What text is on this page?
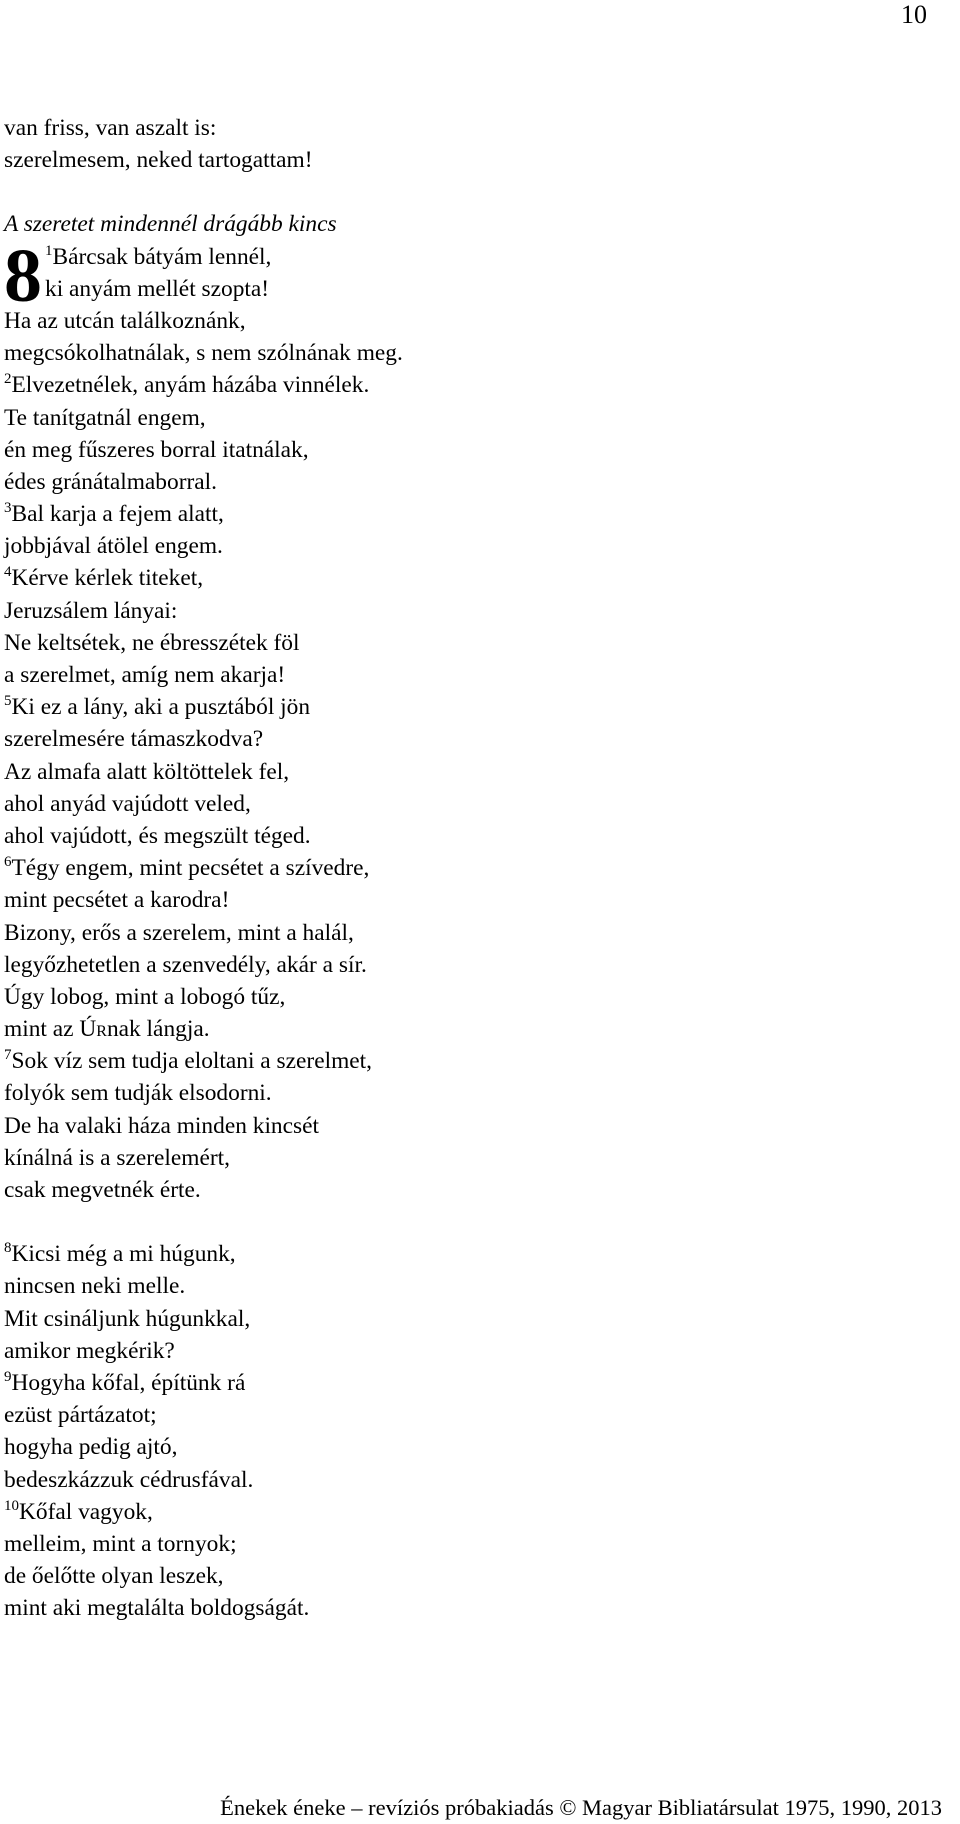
10
van friss, van aszalt is:
szerelmesem, neked tartogattam!
A szeretet mindennél drágább kincs
8 $^1$Bárcsak bátyám lennél,
ki anyám mellét szopta!
Ha az utcán találkoznánk,
megcsókolhatnálak, s nem szólnának meg.
$^2$Elvezetnélek, anyám házába vinnélek.
Te tanítgatnál engem,
én meg fűszeres borral itatnálak,
édes gránátalmaborral.
$^3$Bal karja a fejem alatt,
jobbjával átölel engem.
$^4$Kérve kérlek titeket,
Jeruzsálem lányai:
Ne keltsétek, ne ébresszétek föl
a szerelmet, amíg nem akarja!
$^5$Ki ez a lány, aki a pusztából jön
szerelmesére támaszkodva?
Az almafa alatt költöttelek fel,
ahol anyád vajúdott veled,
ahol vajúdott, és megszült téged.
$^6$Tégy engem, mint pecsétet a szívedre,
mint pecsétet a karodra!
Bizony, erős a szerelem, mint a halál,
legyőzhetetlen a szenvedély, akár a sír.
Úgy lobog, mint a lobogó tűz,
mint az Úrnak lángja.
$^7$Sok víz sem tudja eloltani a szerelmet,
folyók sem tudják elsodorni.
De ha valaki háza minden kincsét
kínálná is a szerelemért,
csak megvetnék érte.
$^8$Kicsi még a mi húgunk,
nincsen neki melle.
Mit csináljunk húgunkkal,
amikor megkérik?
$^9$Hogyha kőfal, építünk rá
ezüst pártázatot;
hogyha pedig ajtó,
bedeszkázzuk cédrusfával.
$^{10}$Kőfal vagyok,
melleim, mint a tornyok;
de őelőtte olyan leszek,
mint aki megtalálta boldogságát.
Énekek éneke – revíziós próbakiadás © Magyar Bibliatársulat 1975, 1990, 2013
